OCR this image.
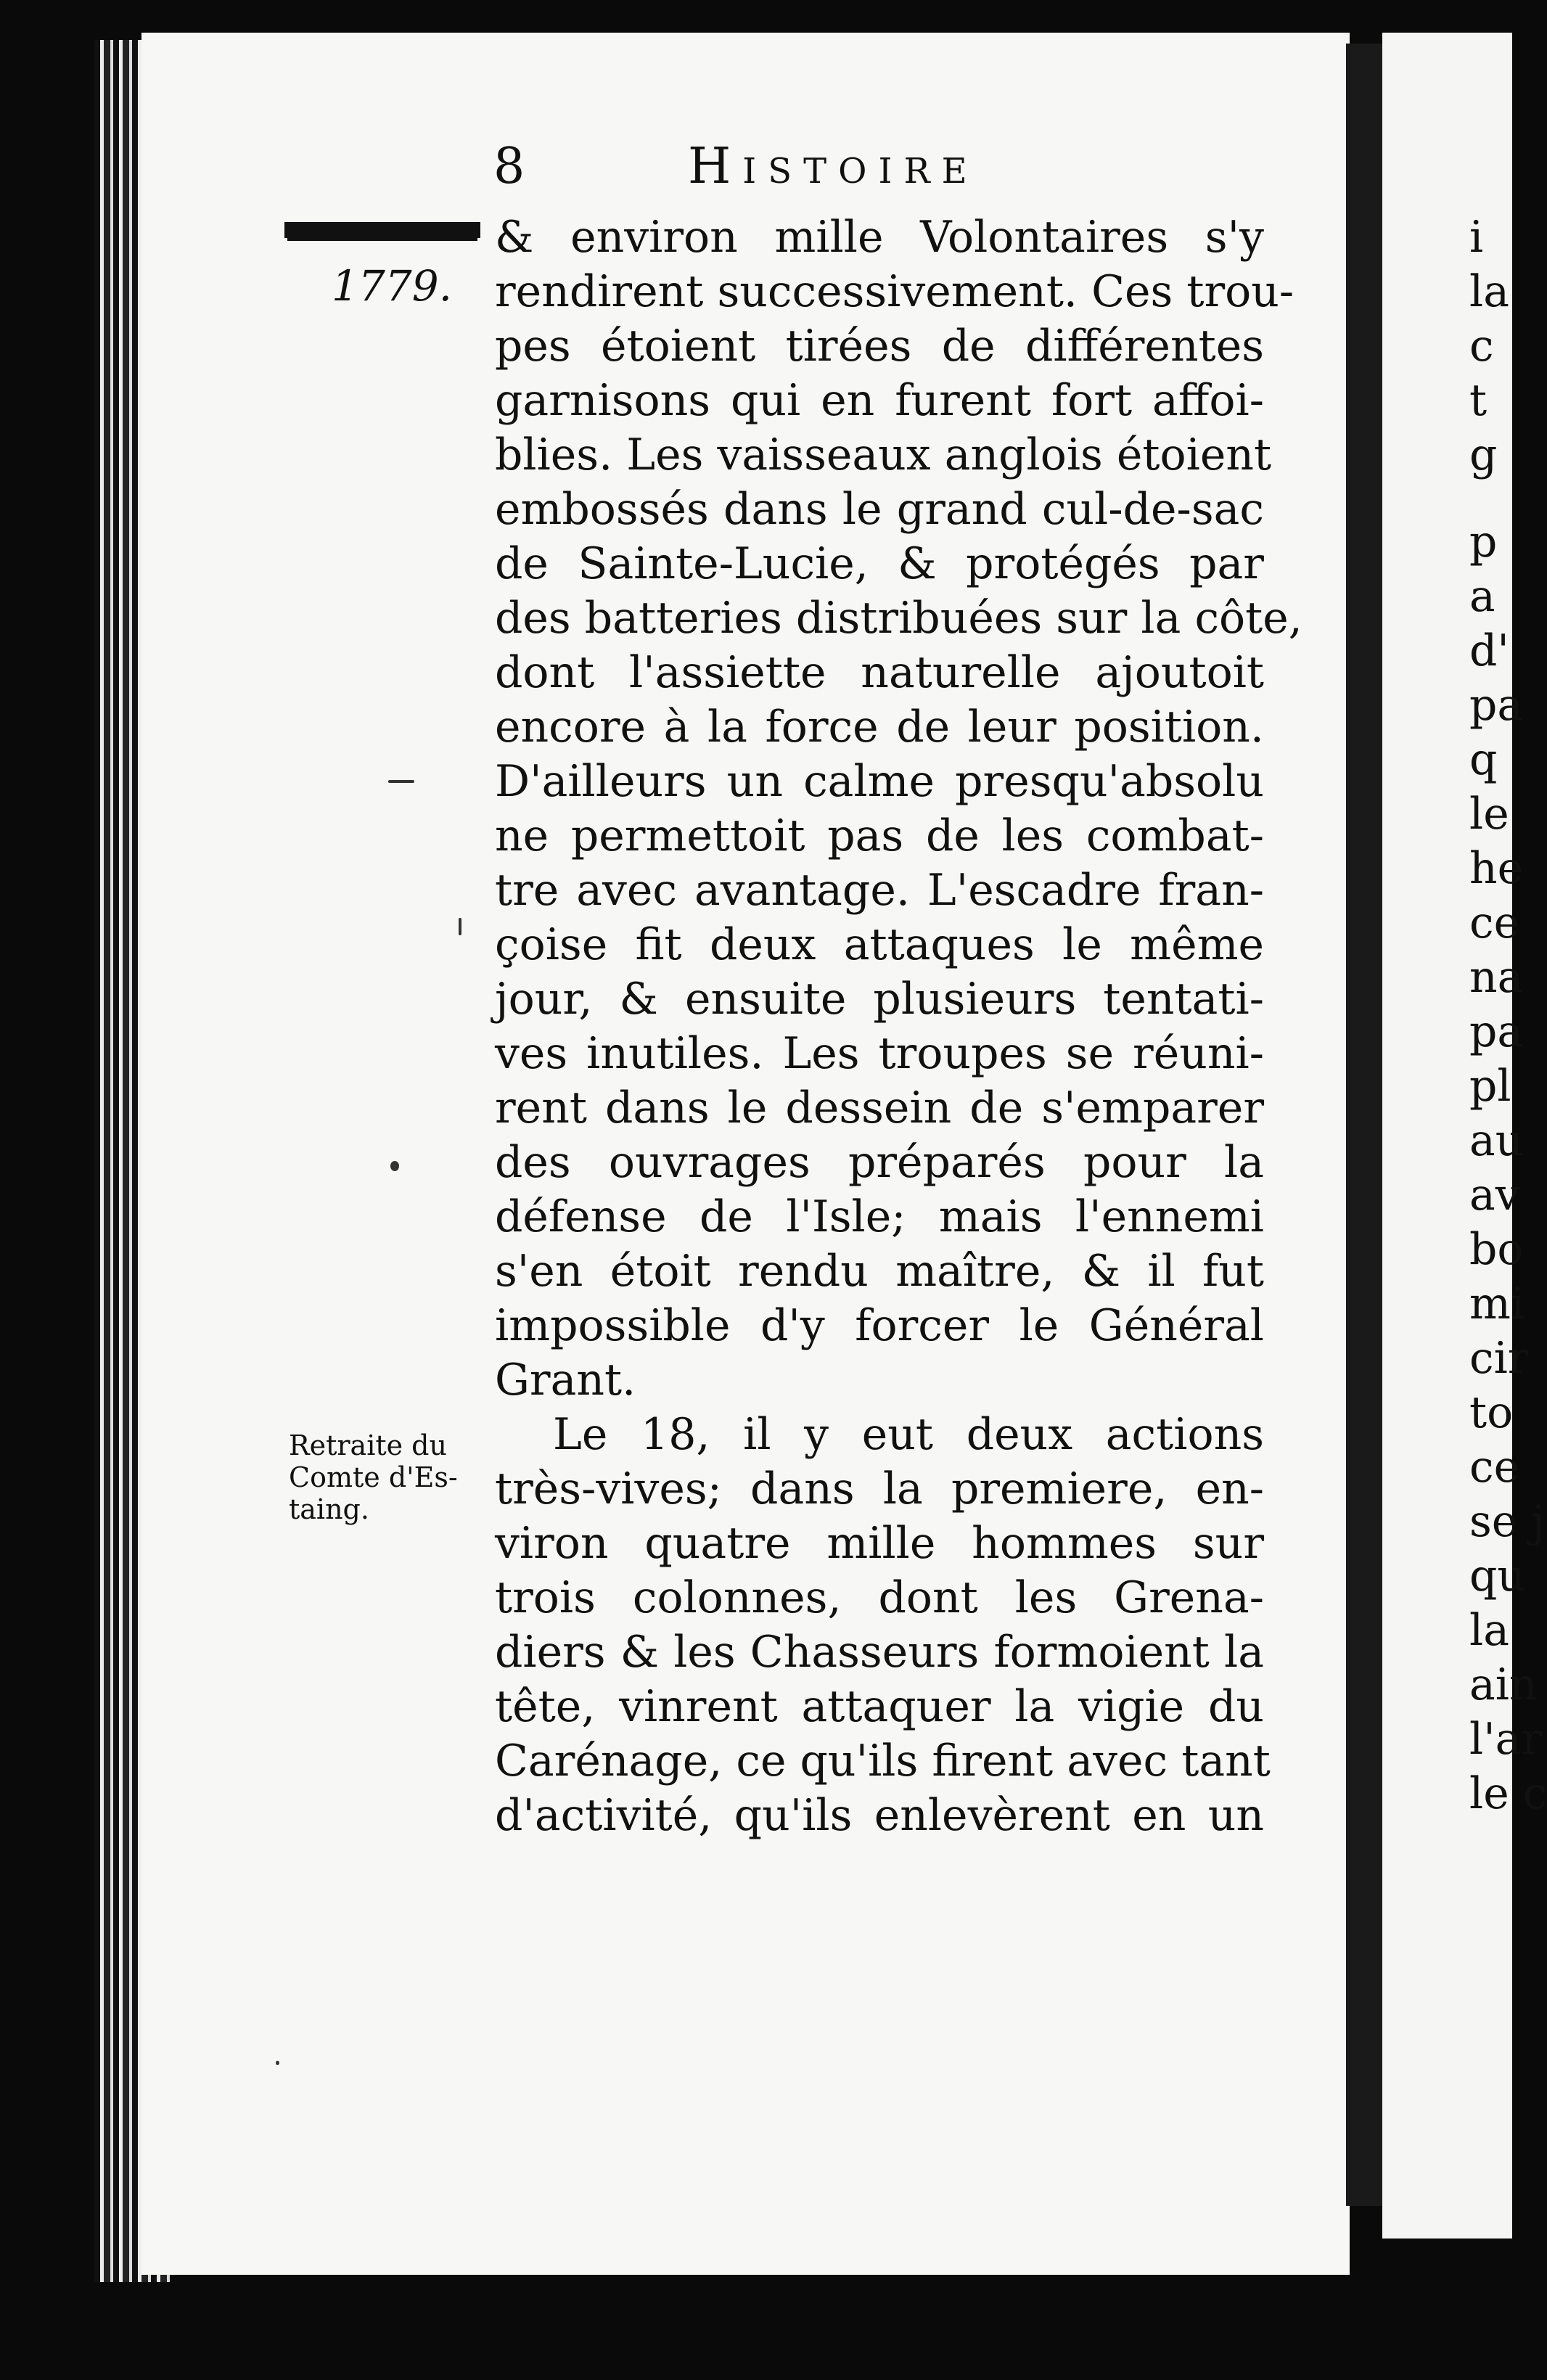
8	Histoire
1779.
Retraite du
Comte d'Es-
taing.
& environ mille Volontaires s'y
rendirent successivement. Ces trou-
pes étoient tirées de différentes
garnisons qui en furent fort affoi-
blies. Les vaisseaux anglois étoient
embossés dans le grand cul-de-sac
de Sainte-Lucie, & protégés par
des batteries distribuées sur la côte,
dont l'assiette naturelle ajoutoit
encore à la force de leur position.
D'ailleurs un calme presqu'absolu
ne permettoit pas de les combat-
tre avec avantage. L'escadre fran-
çoise fit deux attaques le même
jour, & ensuite plusieurs tentati-
ves inutiles. Les troupes se réuni-
rent dans le dessein de s'emparer
des ouvrages préparés pour la
défense de l'Isle; mais l'ennemi
s'en étoit rendu maître, & il fut
impossible d'y forcer le Général
Grant.
Le 18, il y eut deux actions
très-vives; dans la premiere, en-
viron quatre mille hommes sur
trois colonnes, dont les Grena-
diers & les Chasseurs formoient la
tête, vinrent attaquer la vigie du
Carénage, ce qu'ils firent avec tant
d'activité, qu'ils enlevèrent en un
i
la
c
t
g
p
a
d'
pa
q
le
he
ce
na
pa
pl
au
av
bo
mi
cir
to
ce
se j
qu
la
ain
l'ar
le c
